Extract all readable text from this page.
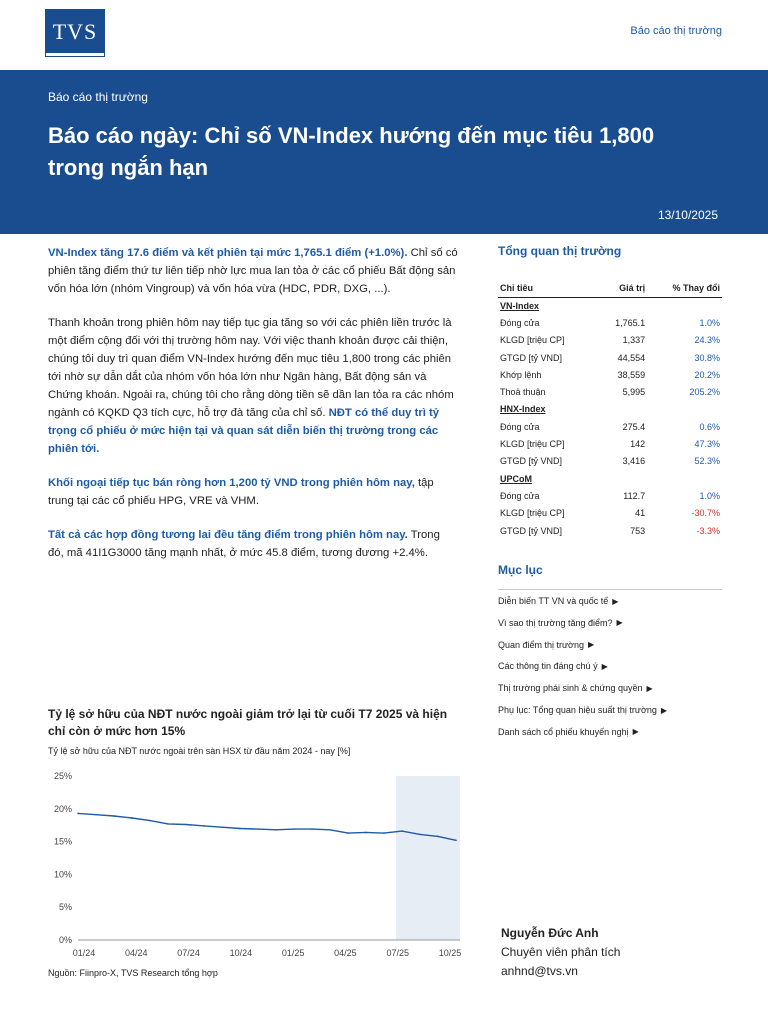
TVS	Báo cáo thị trường
Báo cáo thị trường
Báo cáo ngày: Chỉ số VN-Index hướng đến mục tiêu 1,800 trong ngắn hạn
13/10/2025

VN-Index tăng 17.6 điểm và kết phiên tại mức 1,765.1 điểm (+1.0%). Chỉ số có phiên tăng điểm thứ tư liên tiếp nhờ lực mua lan tỏa ở các cổ phiếu Bất động sản vốn hóa lớn (nhóm Vingroup) và vốn hóa vừa (HDC, PDR, DXG, ...).

Thanh khoản trong phiên hôm nay tiếp tục gia tăng so với các phiên liền trước là một điểm cộng đối với thị trường hôm nay. Với việc thanh khoản được cải thiện, chúng tôi duy trì quan điểm VN-Index hướng đến mục tiêu 1,800 trong các phiên tới nhờ sự dẫn dắt của nhóm vốn hóa lớn như Ngân hàng, Bất động sản và Chứng khoán. Ngoài ra, chúng tôi cho rằng dòng tiền sẽ dần lan tỏa ra các nhóm ngành có KQKD Q3 tích cực, hỗ trợ đà tăng của chỉ số. NĐT có thể duy trì tỷ trọng cổ phiếu ở mức hiện tại và quan sát diễn biến thị trường trong các phiên tới.

Khối ngoại tiếp tục bán ròng hơn 1,200 tỷ VND trong phiên hôm nay, tập trung tại các cổ phiếu HPG, VRE và VHM.

Tất cả các hợp đồng tương lai đều tăng điểm trong phiên hôm nay. Trong đó, mã 41I1G3000 tăng mạnh nhất, ở mức 45.8 điểm, tương đương +2.4%.

Tổng quan thị trường
Chỉ tiêu	Giá trị	% Thay đổi
VN-Index		
Đóng cửa	1,765.1	1.0%
KLGD [triệu CP]	1,337	24.3%
GTGD [tỷ VND]	44,554	30.8%
Khớp lệnh	38,559	20.2%
Thoả thuận	5,995	205.2%
HNX-Index		
Đóng cửa	275.4	0.6%
KLGD [triệu CP]	142	47.3%
GTGD [tỷ VND]	3,416	52.3%
UPCoM		
Đóng cửa	112.7	1.0%
KLGD [triệu CP]	41	-30.7%
GTGD [tỷ VND]	753	-3.3%
Mục lục
Diễn biến TT VN và quốc tế ▶
Vì sao thị trường tăng điểm? ▶
Quan điểm thị trường ▶
Các thông tin đáng chú ý ▶
Thị trường phái sinh & chứng quyền ▶
Phụ lục: Tổng quan hiệu suất thị trường ▶
Danh sách cổ phiếu khuyến nghị ▶
Tỷ lệ sở hữu của NĐT nước ngoài giảm trở lại từ cuối T7 2025 và hiện chỉ còn ở mức hơn 15%
Tỷ lệ sở hữu của NĐT nước ngoài trên sàn HSX từ đầu năm 2024 - nay [%]
0%
5%
10%
15%
20%
25%
01/24	04/24	07/24	10/24	01/25	04/25	07/25	10/25
Nguồn: Fiinpro-X, TVS Research tổng hợp
Nguyễn Đức Anh
Chuyên viên phân tích
anhnd@tvs.vn
